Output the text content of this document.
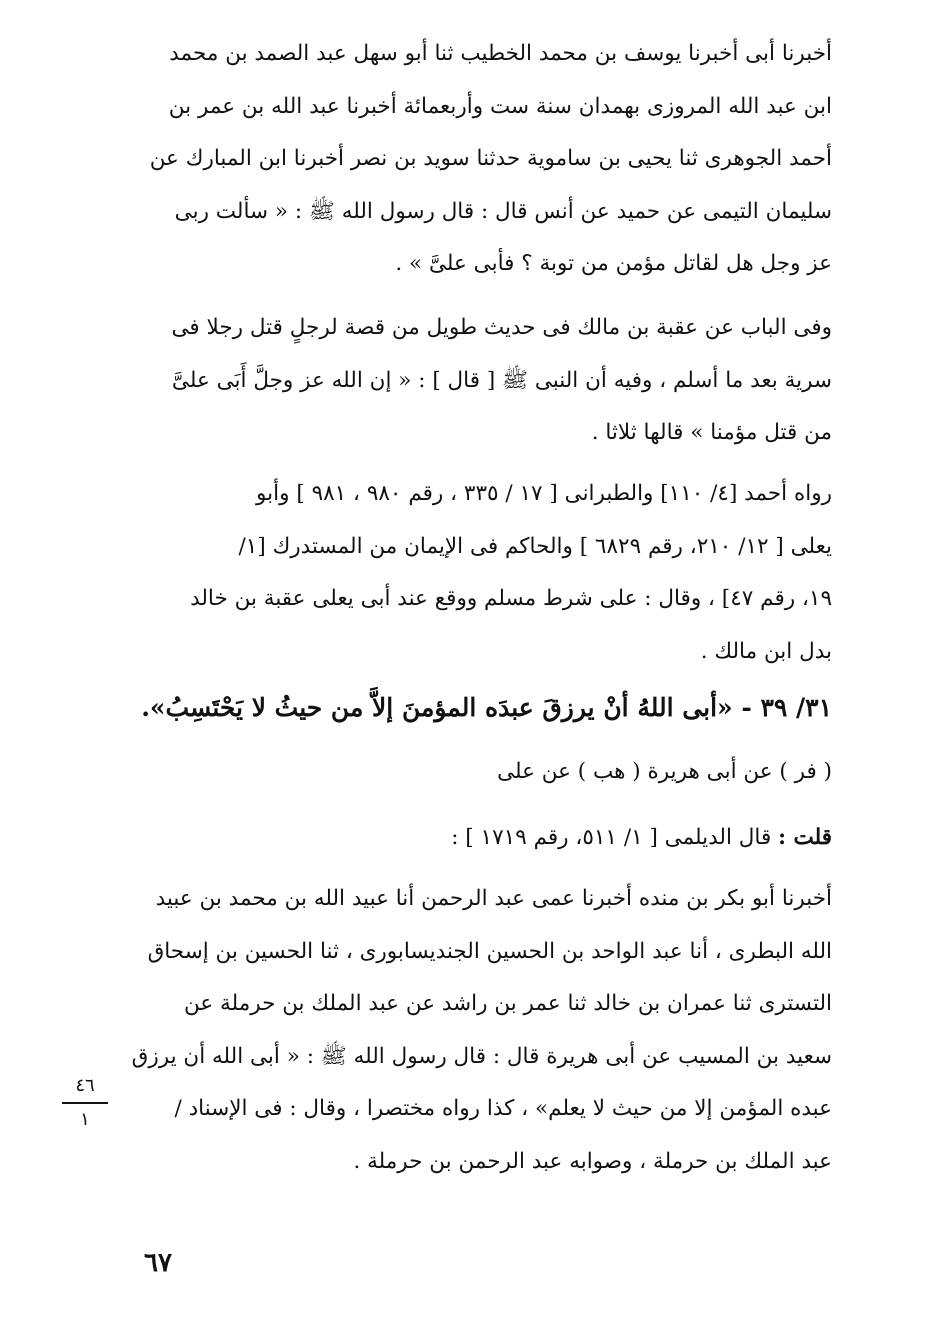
أخبرنا أبى أخبرنا يوسف بن محمد الخطيب ثنا أبو سهل عبد الصمد بن محمد
ابن عبد الله المروزى بهمدان سنة ست وأربعمائة أخبرنا عبد الله بن عمر بن
أحمد الجوهرى ثنا يحيى بن ساموية حدثنا سويد بن نصر أخبرنا ابن المبارك عن
سليمان التيمى عن حميد عن أنس قال : قال رسول الله ﷺ : « سألت ربى
عز وجل هل لقاتل مؤمن من توبة ؟ فأبى علىَّ » .
وفى الباب عن عقبة بن مالك فى حديث طويل من قصة لرجلٍ قتل رجلا فى
سرية بعد ما أسلم ، وفيه أن النبى ﷺ [ قال ] : « إن الله عز وجلَّ أَبَى علىَّ
من قتل مؤمنا » قالها ثلاثا .
رواه أحمد [٤/ ١١٠] والطبرانى [ ١٧ / ٣٣٥ ، رقم ٩٨٠ ، ٩٨١ ] وأبو
يعلى [ ١٢/ ٢١٠، رقم ٦٨٢٩ ] والحاكم فى الإيمان من المستدرك [١/
١٩، رقم ٤٧] ، وقال : على شرط مسلم ووقع عند أبى يعلى عقبة بن خالد
بدل ابن مالك .
٣١/ ٣٩ - «أبى اللهُ أنْ يرزقَ عبدَه المؤمنَ إلاَّ من حيثُ لا يَحْتَسِبُ».
( فر ) عن أبى هريرة ( هب ) عن على
قلت : قال الديلمى [ ١/ ٥١١، رقم ١٧١٩ ] :
أخبرنا أبو بكر بن منده أخبرنا عمى عبد الرحمن أنا عبيد الله بن محمد بن عبيد
الله البطرى ، أنا عبد الواحد بن الحسين الجنديسابورى ، ثنا الحسين بن إسحاق
التسترى ثنا عمران بن خالد ثنا عمر بن راشد عن عبد الملك بن حرملة عن
سعيد بن المسيب عن أبى هريرة قال : قال رسول الله ﷺ : « أبى الله أن يرزق
عبده المؤمن إلا من حيث لا يعلم» ، كذا رواه مختصرا ، وقال : فى الإسناد /
عبد الملك بن حرملة ، وصوابه عبد الرحمن بن حرملة .
٤٦
١
٦٧
